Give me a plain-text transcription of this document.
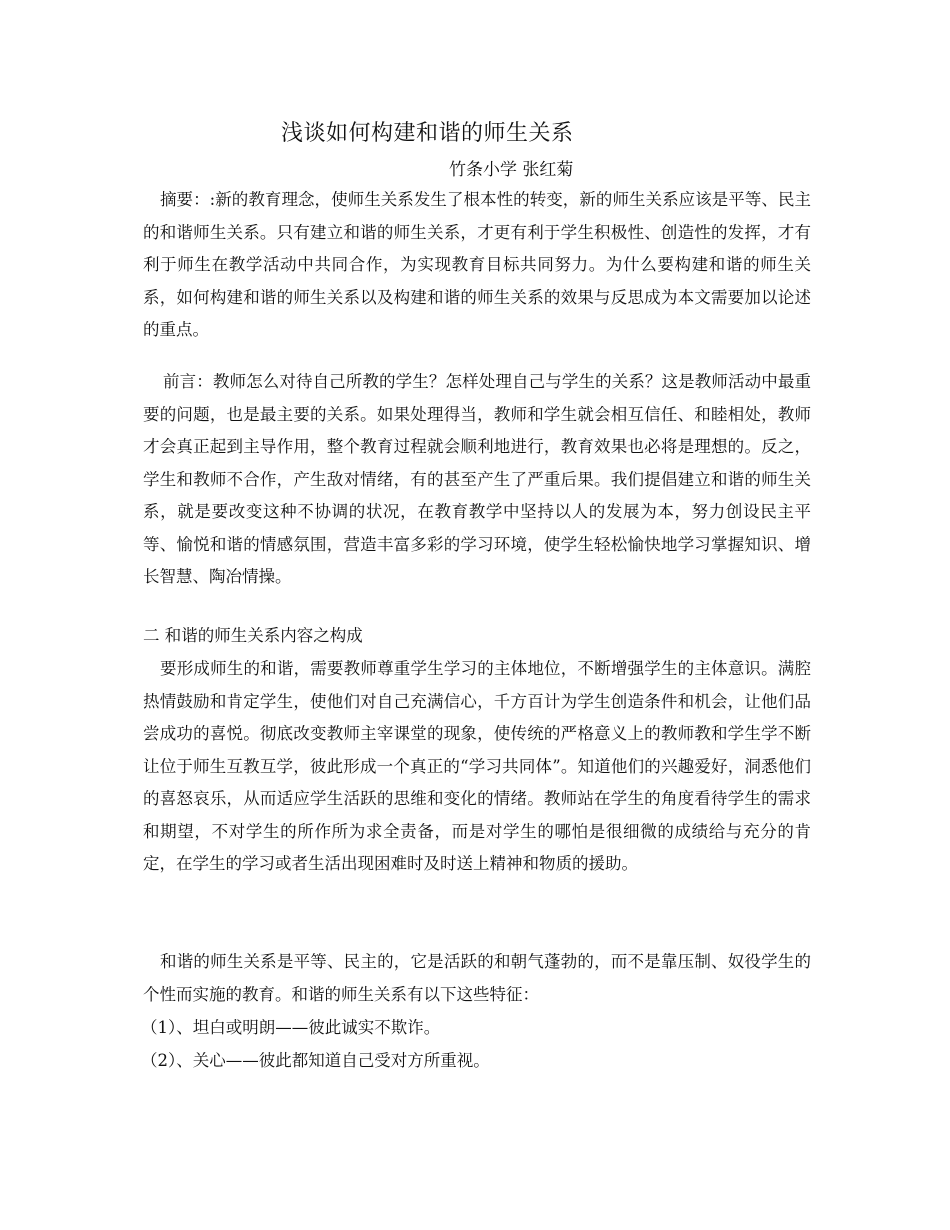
浅谈如何构建和谐的师生关系
竹条小学 张红菊

摘要：:新的教育理念，使师生关系发生了根本性的转变，新的师生关系应该是平等、民主的和谐师生关系。只有建立和谐的师生关系，才更有利于学生积极性、创造性的发挥，才有利于师生在教学活动中共同合作，为实现教育目标共同努力。为什么要构建和谐的师生关系，如何构建和谐的师生关系以及构建和谐的师生关系的效果与反思成为本文需要加以论述的重点。

前言：教师怎么对待自己所教的学生？怎样处理自己与学生的关系？这是教师活动中最重要的问题，也是最主要的关系。如果处理得当，教师和学生就会相互信任、和睦相处，教师才会真正起到主导作用，整个教育过程就会顺利地进行，教育效果也必将是理想的。反之，学生和教师不合作，产生敌对情绪，有的甚至产生了严重后果。我们提倡建立和谐的师生关系，就是要改变这种不协调的状况，在教育教学中坚持以人的发展为本，努力创设民主平等、愉悦和谐的情感氛围，营造丰富多彩的学习环境，使学生轻松愉快地学习掌握知识、增长智慧、陶冶情操。

二 和谐的师生关系内容之构成

要形成师生的和谐，需要教师尊重学生学习的主体地位，不断增强学生的主体意识。满腔热情鼓励和肯定学生，使他们对自己充满信心，千方百计为学生创造条件和机会，让他们品尝成功的喜悦。彻底改变教师主宰课堂的现象，使传统的严格意义上的教师教和学生学不断让位于师生互教互学，彼此形成一个真正的“学习共同体”。知道他们的兴趣爱好，洞悉他们的喜怒哀乐，从而适应学生活跃的思维和变化的情绪。教师站在学生的角度看待学生的需求和期望，不对学生的所作所为求全责备，而是对学生的哪怕是很细微的成绩给与充分的肯定，在学生的学习或者生活出现困难时及时送上精神和物质的援助。

和谐的师生关系是平等、民主的，它是活跃的和朝气蓬勃的，而不是靠压制、奴役学生的个性而实施的教育。和谐的师生关系有以下这些特征：

（1）、坦白或明朗——彼此诚实不欺诈。
（2）、关心——彼此都知道自己受对方所重视。
